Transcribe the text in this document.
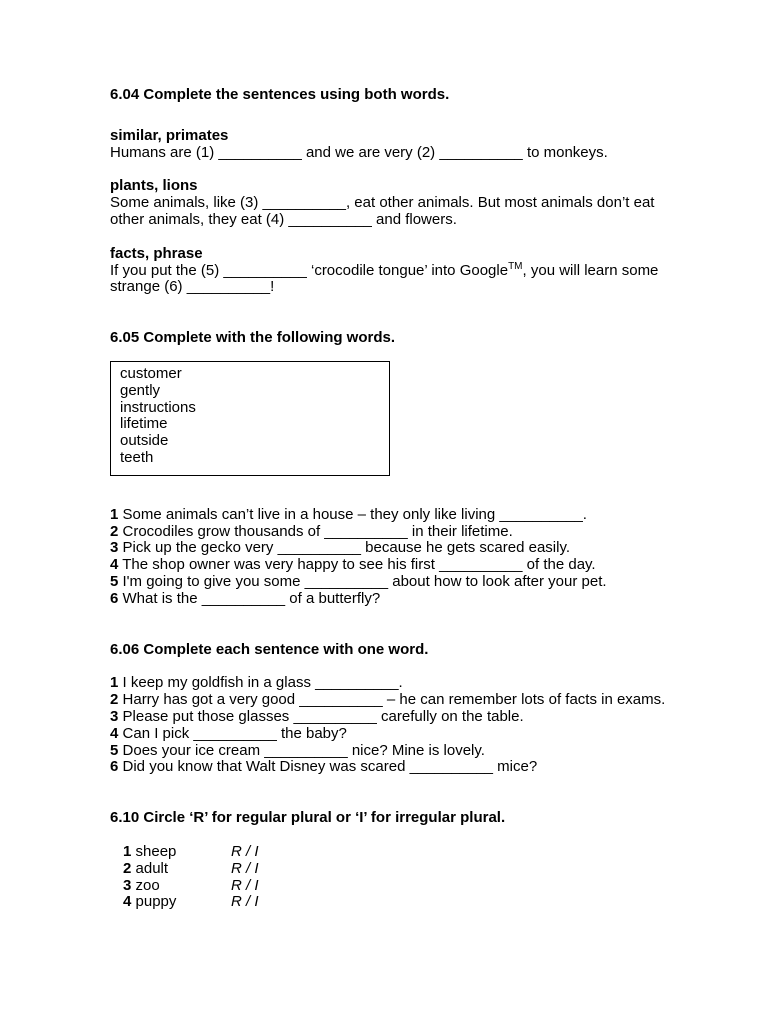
6.04 Complete the sentences using both words.

similar, primates

Humans are (1) __________ and we are very (2) __________ to monkeys.

plants, lions

Some animals, like (3) __________, eat other animals. But most animals don’t eat other animals, they eat (4) __________ and flowers.

facts, phrase

If you put the (5) __________ ‘crocodile tongue’ into Google™, you will learn some strange (6) __________!

6.05 Complete with the following words.

customer
gently
instructions
lifetime
outside
teeth

1 Some animals can’t live in a house – they only like living __________.

2 Crocodiles grow thousands of __________ in their lifetime.

3 Pick up the gecko very __________ because he gets scared easily.

4 The shop owner was very happy to see his first __________ of the day.

5 I'm going to give you some __________ about how to look after your pet.

6 What is the __________ of a butterfly?

6.06 Complete each sentence with one word.

1 I keep my goldfish in a glass __________.

2 Harry has got a very good __________ – he can remember lots of facts in exams.

3 Please put those glasses __________ carefully on the table.

4 Can I pick __________ the baby?

5 Does your ice cream __________ nice? Mine is lovely.

6 Did you know that Walt Disney was scared __________ mice?

6.10 Circle ‘R’ for regular plural or ‘I’ for irregular plural.

1 sheep	R / I
2 adult	R / I
3 zoo	R / I
4 puppy	R / I
